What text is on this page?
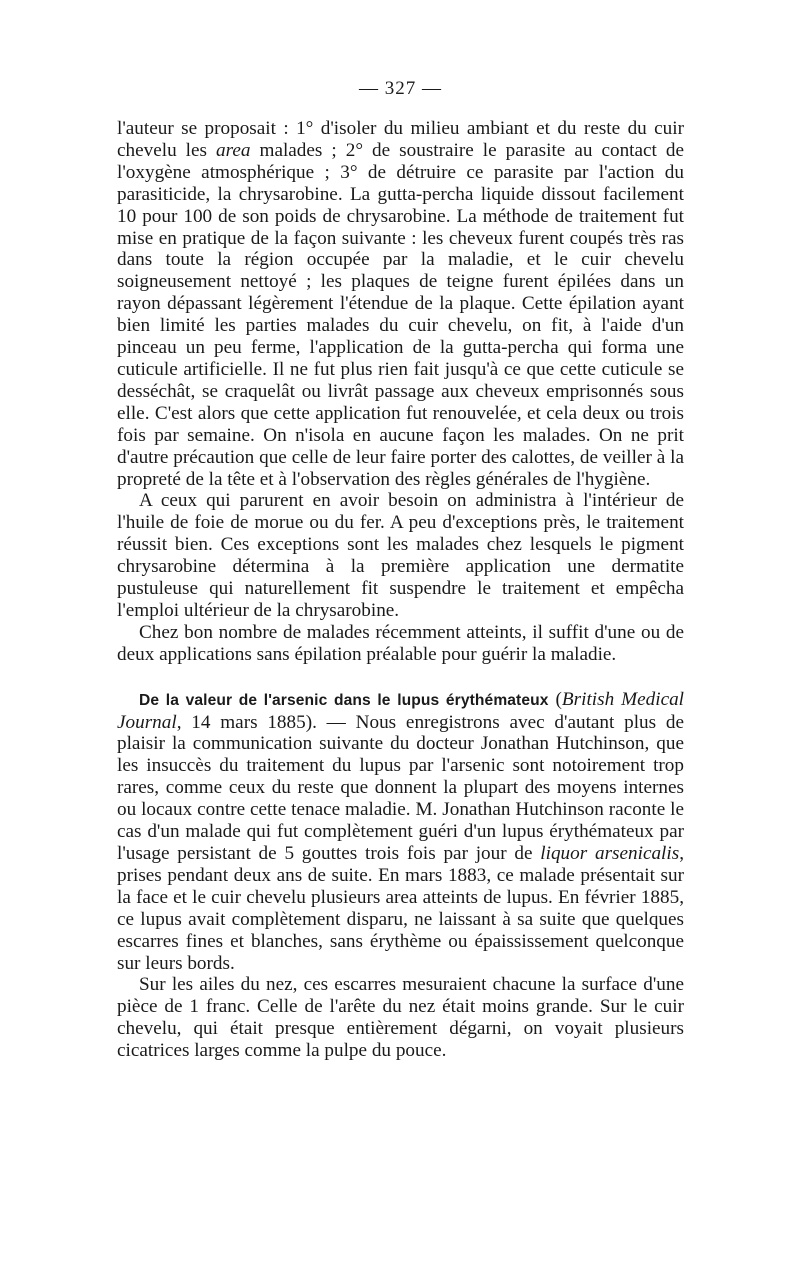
— 327 —

l'auteur se proposait : 1° d'isoler du milieu ambiant et du reste du cuir chevelu les area malades ; 2° de soustraire le parasite au contact de l'oxygène atmosphérique ; 3° de détruire ce parasite par l'action du parasiticide, la chrysarobine. La gutta-percha liquide dissout facilement 10 pour 100 de son poids de chrysarobine. La méthode de traitement fut mise en pratique de la façon suivante : les cheveux furent coupés très ras dans toute la région occupée par la maladie, et le cuir chevelu soigneusement nettoyé ; les plaques de teigne furent épilées dans un rayon dépassant légèrement l'étendue de la plaque. Cette épilation ayant bien limité les parties malades du cuir chevelu, on fit, à l'aide d'un pinceau un peu ferme, l'application de la gutta-percha qui forma une cuticule artificielle. Il ne fut plus rien fait jusqu'à ce que cette cuticule se desséchât, se craquelât ou livrât passage aux cheveux emprisonnés sous elle. C'est alors que cette application fut renouvelée, et cela deux ou trois fois par semaine. On n'isola en aucune façon les malades. On ne prit d'autre précaution que celle de leur faire porter des calottes, de veiller à la propreté de la tête et à l'observation des règles générales de l'hygiène.

A ceux qui parurent en avoir besoin on administra à l'intérieur de l'huile de foie de morue ou du fer. A peu d'exceptions près, le traitement réussit bien. Ces exceptions sont les malades chez lesquels le pigment chrysarobine détermina à la première application une dermatite pustuleuse qui naturellement fit suspendre le traitement et empêcha l'emploi ultérieur de la chrysarobine.

Chez bon nombre de malades récemment atteints, il suffit d'une ou de deux applications sans épilation préalable pour guérir la maladie.

De la valeur de l'arsenic dans le lupus érythémateux (British Medical Journal, 14 mars 1885). — Nous enregistrons avec d'autant plus de plaisir la communication suivante du docteur Jonathan Hutchinson, que les insuccès du traitement du lupus par l'arsenic sont notoirement trop rares, comme ceux du reste que donnent la plupart des moyens internes ou locaux contre cette tenace maladie. M. Jonathan Hutchinson raconte le cas d'un malade qui fut complètement guéri d'un lupus érythémateux par l'usage persistant de 5 gouttes trois fois par jour de liquor arsenicalis, prises pendant deux ans de suite. En mars 1883, ce malade présentait sur la face et le cuir chevelu plusieurs area atteints de lupus. En février 1885, ce lupus avait complètement disparu, ne laissant à sa suite que quelques escarres fines et blanches, sans érythème ou épaississement quelconque sur leurs bords.

Sur les ailes du nez, ces escarres mesuraient chacune la surface d'une pièce de 1 franc. Celle de l'arête du nez était moins grande. Sur le cuir chevelu, qui était presque entièrement dégarni, on voyait plusieurs cicatrices larges comme la pulpe du pouce.
